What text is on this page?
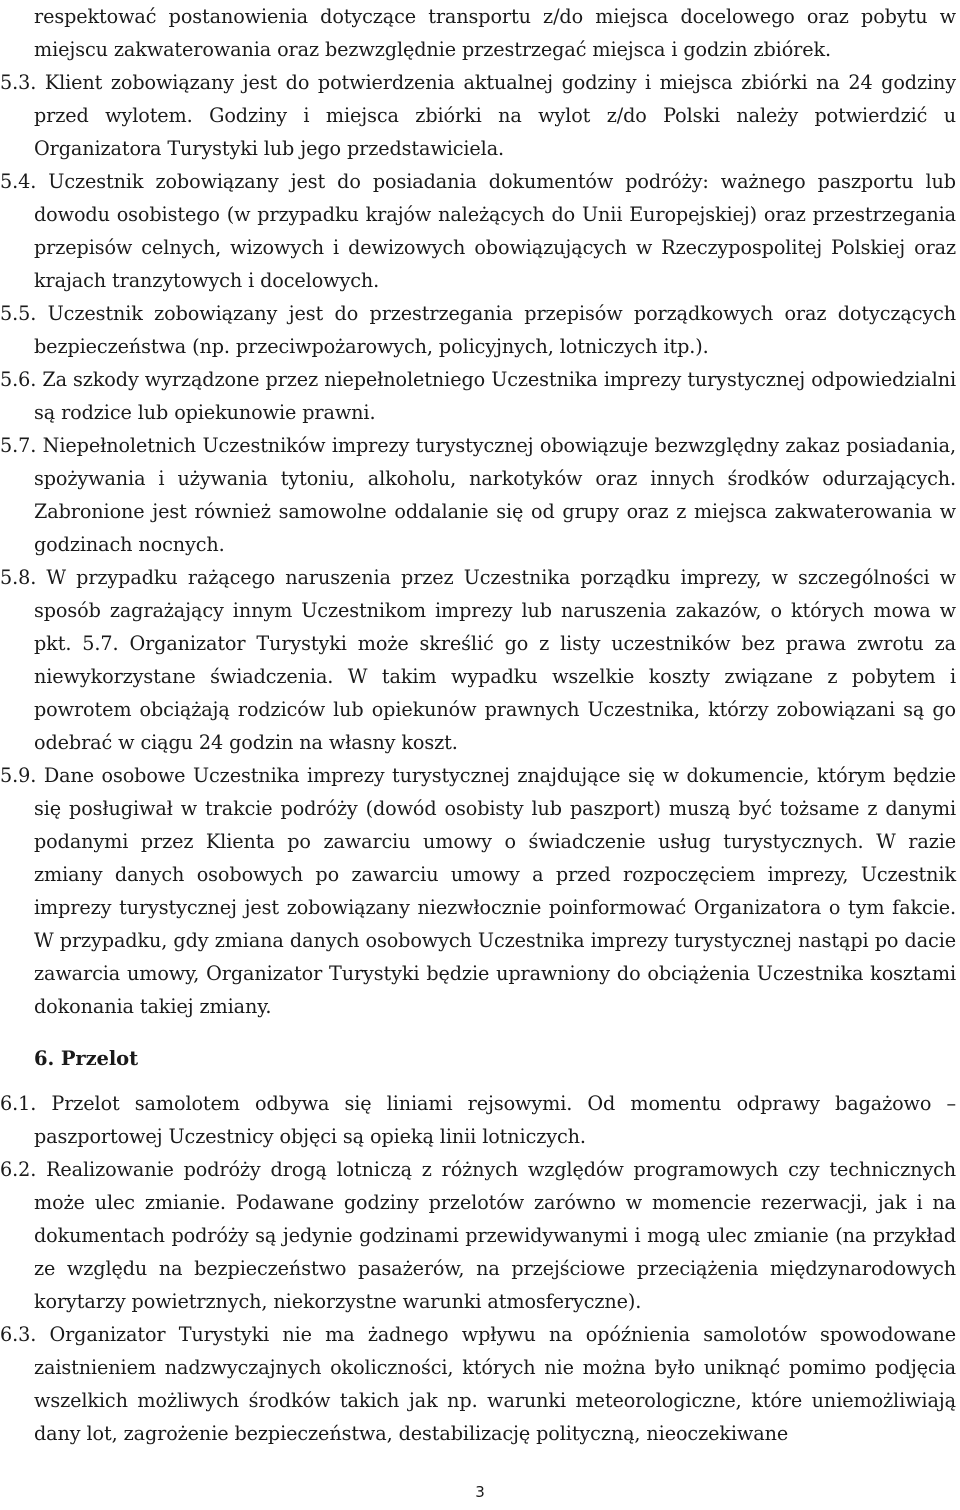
respektować postanowienia dotyczące transportu z/do miejsca docelowego oraz pobytu w miejscu zakwaterowania oraz bezwzględnie przestrzegać miejsca i godzin zbiórek.

5.3. Klient zobowiązany jest do potwierdzenia aktualnej godziny i miejsca zbiórki na 24 godziny przed wylotem. Godziny i miejsca zbiórki na wylot z/do Polski należy potwierdzić u Organizatora Turystyki lub jego przedstawiciela.

5.4. Uczestnik zobowiązany jest do posiadania dokumentów podróży: ważnego paszportu lub dowodu osobistego (w przypadku krajów należących do Unii Europejskiej) oraz przestrzegania przepisów celnych, wizowych i dewizowych obowiązujących w Rzeczypospolitej Polskiej oraz krajach tranzytowych i docelowych.

5.5. Uczestnik zobowiązany jest do przestrzegania przepisów porządkowych oraz dotyczących bezpieczeństwa (np. przeciwpożarowych, policyjnych, lotniczych itp.).

5.6. Za szkody wyrządzone przez niepełnoletniego Uczestnika imprezy turystycznej odpowiedzialni są rodzice lub opiekunowie prawni.

5.7. Niepełnoletnich Uczestników imprezy turystycznej obowiązuje bezwzględny zakaz posiadania, spożywania i używania tytoniu, alkoholu, narkotyków oraz innych środków odurzających. Zabronione jest również samowolne oddalanie się od grupy oraz z miejsca zakwaterowania w godzinach nocnych.

5.8. W przypadku rażącego naruszenia przez Uczestnika porządku imprezy, w szczególności w sposób zagrażający innym Uczestnikom imprezy lub naruszenia zakazów, o których mowa w pkt. 5.7. Organizator Turystyki może skreślić go z listy uczestników bez prawa zwrotu za niewykorzystane świadczenia. W takim wypadku wszelkie koszty związane z pobytem i powrotem obciążają rodziców lub opiekunów prawnych Uczestnika, którzy zobowiązani są go odebrać w ciągu 24 godzin na własny koszt.

5.9. Dane osobowe Uczestnika imprezy turystycznej znajdujące się w dokumencie, którym będzie się posługiwał w trakcie podróży (dowód osobisty lub paszport) muszą być tożsame z danymi podanymi przez Klienta po zawarciu umowy o świadczenie usług turystycznych. W razie zmiany danych osobowych po zawarciu umowy a przed rozpoczęciem imprezy, Uczestnik imprezy turystycznej jest zobowiązany niezwłocznie poinformować Organizatora o tym fakcie. W przypadku, gdy zmiana danych osobowych Uczestnika imprezy turystycznej nastąpi po dacie zawarcia umowy, Organizator Turystyki będzie uprawniony do obciążenia Uczestnika kosztami dokonania takiej zmiany.

6. Przelot

6.1. Przelot samolotem odbywa się liniami rejsowymi. Od momentu odprawy bagażowo – paszportowej Uczestnicy objęci są opieką linii lotniczych.

6.2. Realizowanie podróży drogą lotniczą z różnych względów programowych czy technicznych może ulec zmianie. Podawane godziny przelotów zarówno w momencie rezerwacji, jak i na dokumentach podróży są jedynie godzinami przewidywanymi i mogą ulec zmianie (na przykład ze względu na bezpieczeństwo pasażerów, na przejściowe przeciążenia międzynarodowych korytarzy powietrznych, niekorzystne warunki atmosferyczne).

6.3. Organizator Turystyki nie ma żadnego wpływu na opóźnienia samolotów spowodowane zaistnieniem nadzwyczajnych okoliczności, których nie można było uniknąć pomimo podjęcia wszelkich możliwych środków takich jak np. warunki meteorologiczne, które uniemożliwiają dany lot, zagrożenie bezpieczeństwa, destabilizację polityczną, nieoczekiwane

3
